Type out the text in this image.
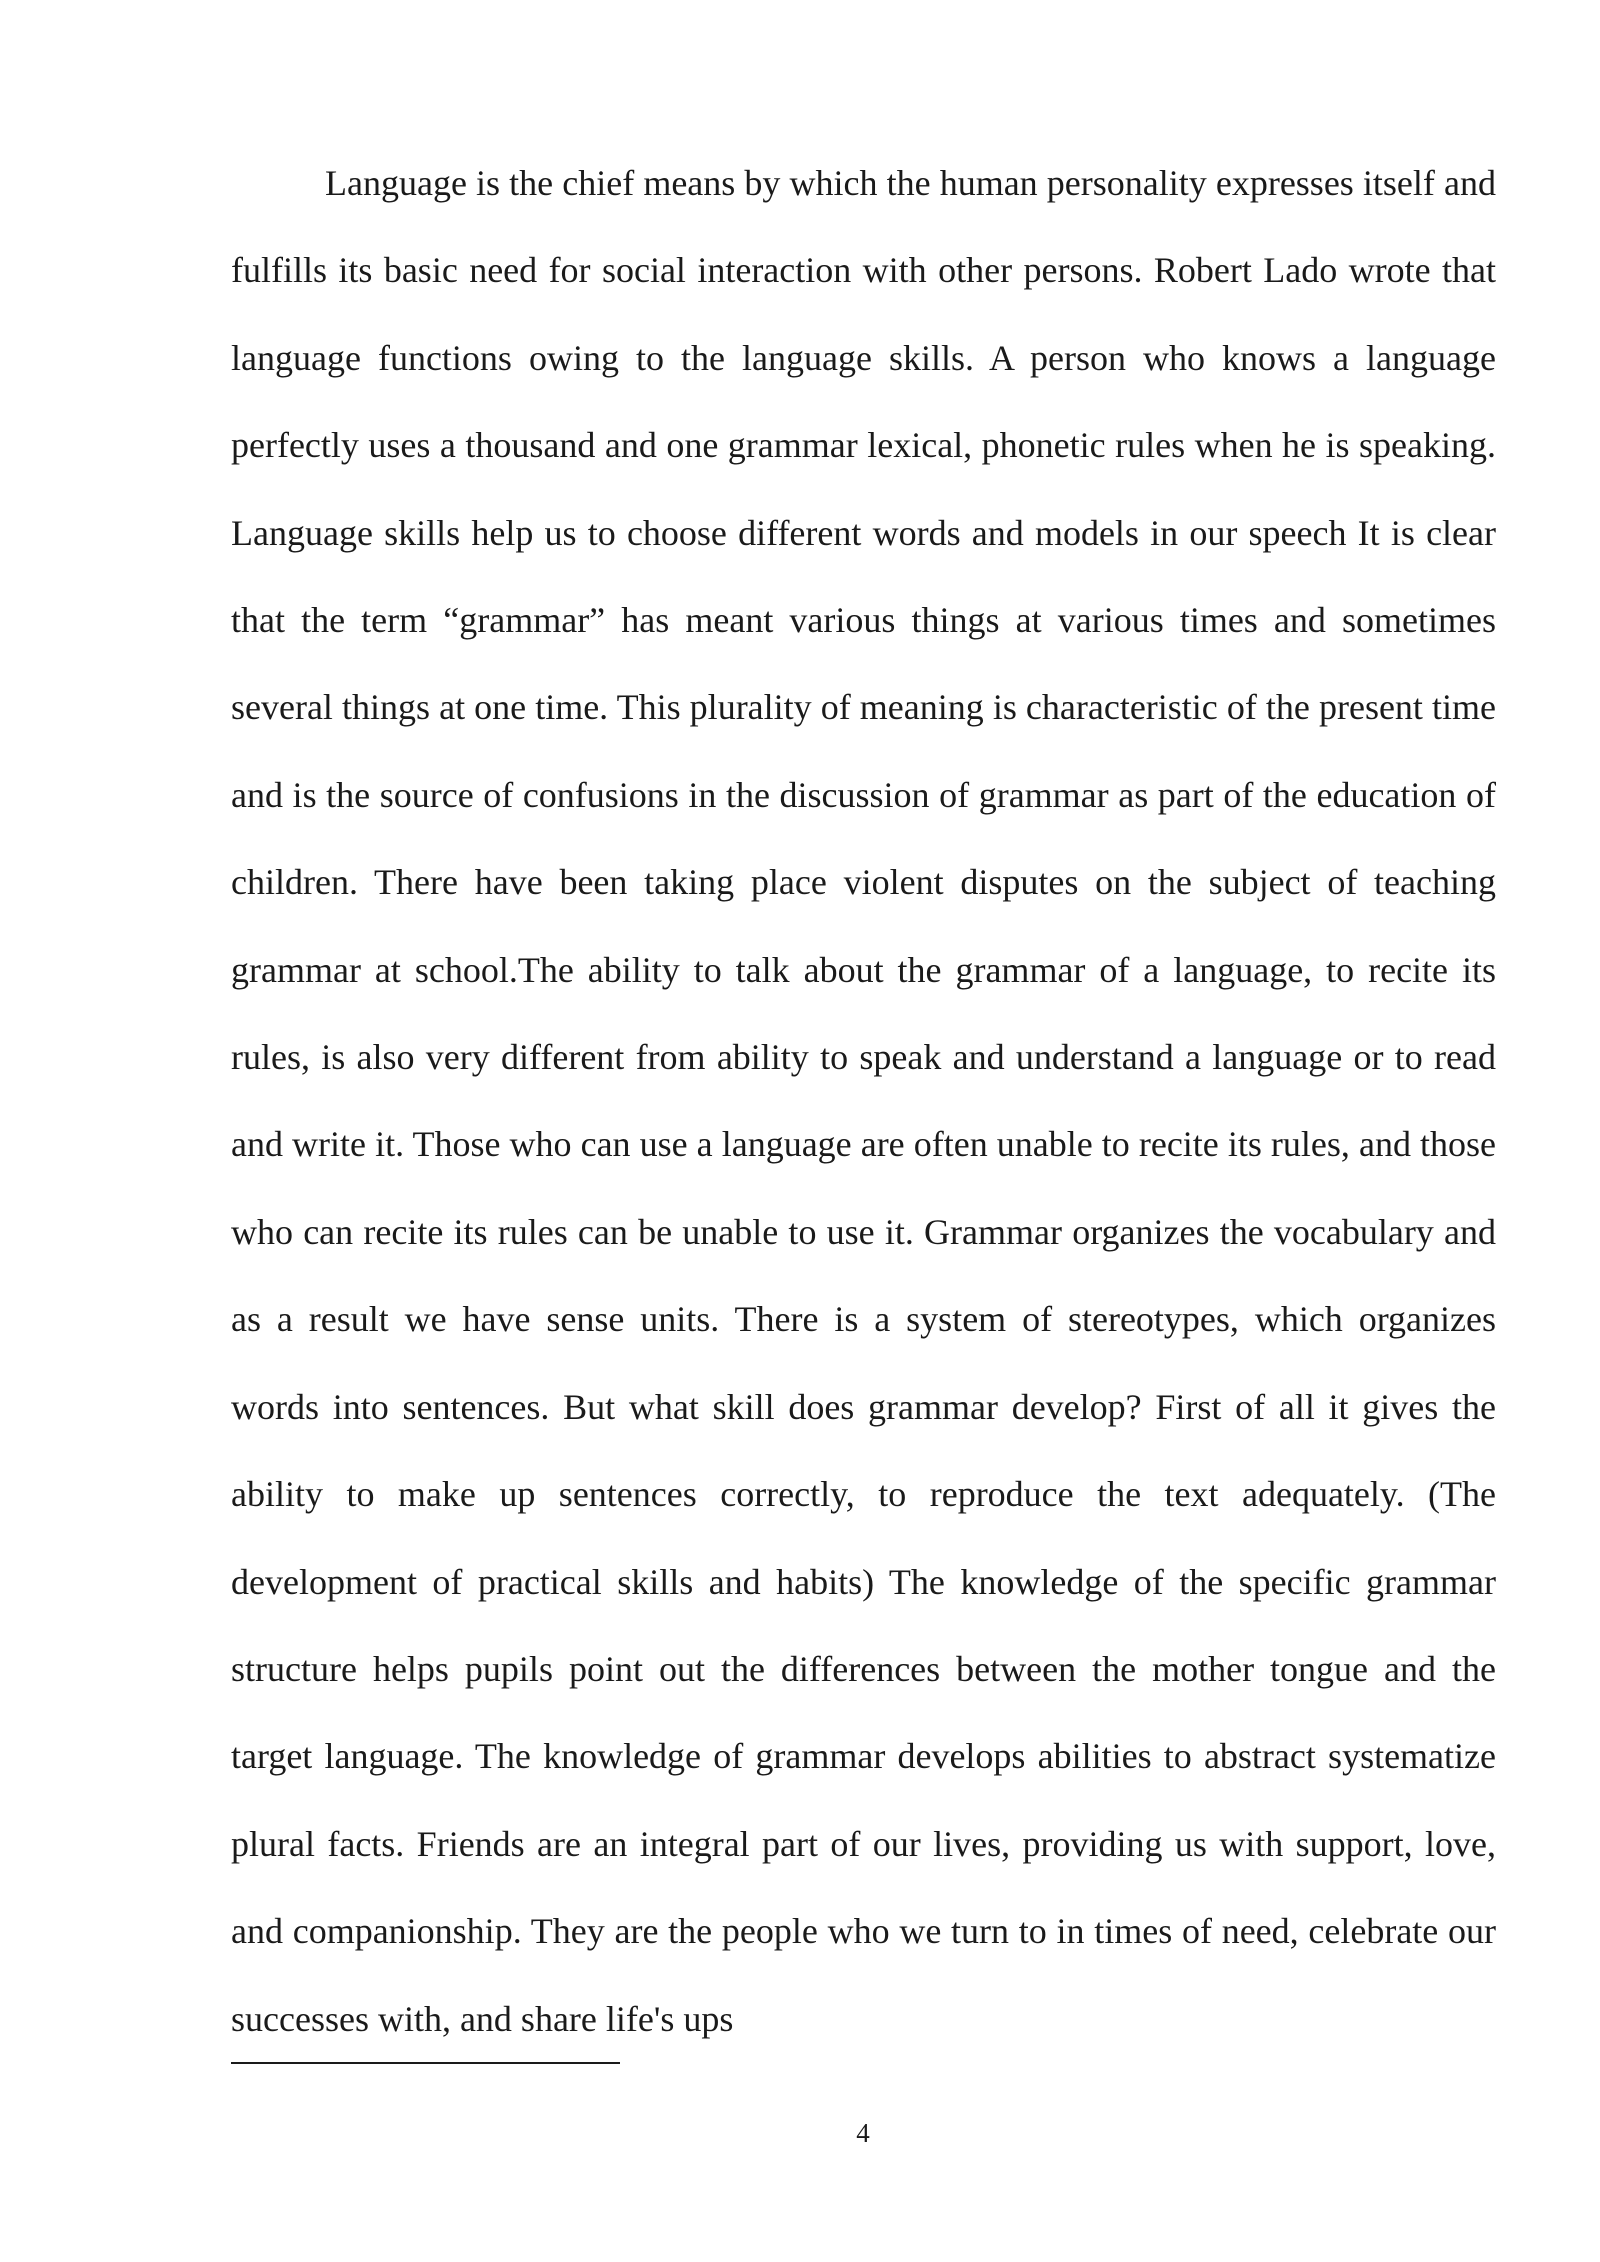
Language is the chief means by which the human personality expresses itself and fulfills its basic need for social interaction with other persons. Robert Lado wrote that language functions owing to the language skills. A person who knows a language perfectly uses a thousand and one grammar lexical, phonetic rules when he is speaking. Language skills help us to choose different words and models in our speech It is clear that the term “grammar” has meant various things at various times and sometimes several things at one time. This plurality of meaning is characteristic of the present time and is the source of confusions in the discussion of grammar as part of the education of children. There have been taking place violent disputes on the subject of teaching grammar at school.The ability to talk about the grammar of a language, to recite its rules, is also very different from ability to speak and understand a language or to read and write it. Those who can use a language are often unable to recite its rules, and those who can recite its rules can be unable to use it. Grammar organizes the vocabulary and as a result we have sense units. There is a system of stereotypes, which organizes words into sentences. But what skill does grammar develop? First of all it gives the ability to make up sentences correctly, to reproduce the text adequately. (The development of practical skills and habits) The knowledge of the specific grammar structure helps pupils point out the differences between the mother tongue and the target language. The knowledge of grammar develops abilities to abstract systematize plural facts. Friends are an integral part of our lives, providing us with support, love, and companionship. They are the people who we turn to in times of need, celebrate our successes with, and share life's ups

4
